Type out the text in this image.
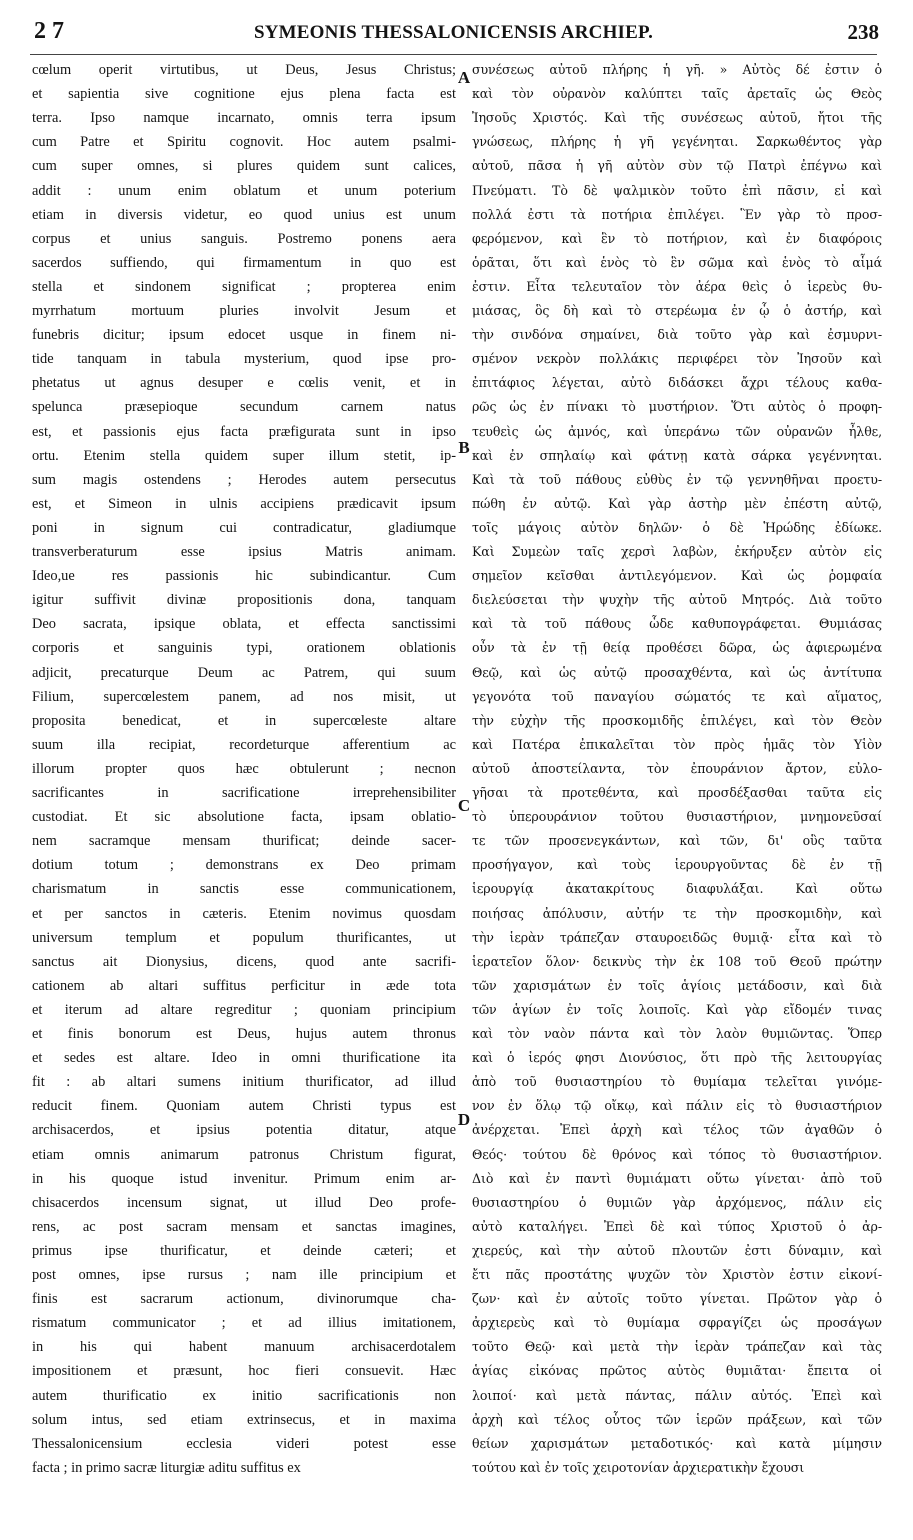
2 7	SYMEONIS THESSALONICENSIS ARCHIEP.	238
cœlum operit virtutibus, ut Deus, Jesus Christus;
et sapientia sive cognitione ejus plena facta est
terra. Ipso namque incarnato, omnis terra ipsum
cum Patre et Spiritu cognovit. Hoc autem psalmi-
cum super omnes, si plures quidem sunt calices,
addit : unum enim oblatum et unum poterium
etiam in diversis videtur, eo quod unius est unum
corpus et unius sanguis. Postremo ponens aera
sacerdos suffiendo, qui firmamentum in quo est
stella et sindonem significat ; propterea enim
myrrhatum mortuum pluries involvit Jesum et
funebris dicitur; ipsum edocet usque in finem ni-
tide tanquam in tabula mysterium, quod ipse pro-
phetatus ut agnus desuper e cœlis venit, et in
spelunca præsepioque secundum carnem natus
est, et passionis ejus facta præfigurata sunt in ipso
ortu. Etenim stella quidem super illum stetit, ip-
sum magis ostendens ; Herodes autem persecutus
est, et Simeon in ulnis accipiens prædicavit ipsum
poni in signum cui contradicatur, gladiumque
transverberaturum esse ipsius Matris animam.
Ideo,ue res passionis hic subindicantur. Cum
igitur suffivit divinæ propositionis dona, tanquam
Deo sacrata, ipsique oblata, et effecta sanctissimi
corporis et sanguinis typi, orationem oblationis
adjicit, precaturque Deum ac Patrem, qui suum
Filium, supercœlestem panem, ad nos misit, ut
proposita benedicat, et in supercœleste altare
suum illa recipiat, recordeturque afferentium ac
illorum propter quos hæc obtulerunt ; necnon
sacrificantes in sacrificatione irreprehensibiliter
custodiat. Et sic absolutione facta, ipsam oblatio-
nem sacramque mensam thurificat; deinde sacer-
dotium totum ; demonstrans ex Deo primam
charismatum in sanctis esse communicationem,
et per sanctos in cæteris. Etenim novimus quosdam
universum templum et populum thurificantes, ut
sanctus ait Dionysius, dicens, quod ante sacrifi-
cationem ab altari suffitus perficitur in æde tota
et iterum ad altare regreditur ; quoniam principium
et finis bonorum est Deus, hujus autem thronus
et sedes est altare. Ideo in omni thurificatione ita
fit : ab altari sumens initium thurificator, ad illud
reducit finem. Quoniam autem Christi typus est
archisacerdos, et ipsius potentia ditatur, atque
etiam omnis animarum patronus Christum figurat,
in his quoque istud invenitur. Primum enim ar-
chisacerdos incensum signat, ut illud Deo profe-
rens, ac post sacram mensam et sanctas imagines,
primus ipse thurificatur, et deinde cæteri; et
post omnes, ipse rursus ; nam ille principium et
finis est sacrarum actionum, divinorumque cha-
rismatum communicator ; et ad illius imitationem,
in his qui habent manuum archisacerdotalem
impositionem et præsunt, hoc fieri consuevit. Hæc
autem thurificatio ex initio sacrificationis non
solum intus, sed etiam extrinsecus, et in maxima
Thessalonicensium ecclesia videri potest esse
facta ; in primo sacræ liturgiæ aditu suffitus ex
συνέσεως αὐτοῦ πλήρης ἡ γῆ. » Αὐτὸς δέ ἐστιν ὁ
καὶ τὸν οὐρανὸν καλύπτει ταῖς ἀρεταῖς ὡς Θεὸς
Ἰησοῦς Χριστός. Καὶ τῆς συνέσεως αὐτοῦ, ἤτοι τῆς
γνώσεως, πλήρης ἡ γῆ γεγένηται. Σαρκωθέντος γὰρ
αὐτοῦ, πᾶσα ἡ γῆ αὐτὸν σὺν τῷ Πατρὶ ἐπέγνω καὶ
Πνεύματι. Τὸ δὲ ψαλμικὸν τοῦτο ἐπὶ πᾶσιν, εἰ καὶ
πολλά ἐστι τὰ ποτήρια ἐπιλέγει. Ἓν γὰρ τὸ προσ-
φερόμενον, καὶ ἓν τὸ ποτήριον, καὶ ἐν διαφόροις
ὁρᾶται, ὅτι καὶ ἑνὸς τὸ ἓν σῶμα καὶ ἑνὸς τὸ αἷμά
ἐστιν. Εἶτα τελευταῖον τὸν ἀέρα θεὶς ὁ ἱερεὺς θυ-
μιάσας, ὃς δὴ καὶ τὸ στερέωμα ἐν ᾧ ὁ ἀστήρ, καὶ
τὴν σινδόνα σημαίνει, διὰ τοῦτο γὰρ καὶ ἐσμυρνι-
σμένον νεκρὸν πολλάκις περιφέρει τὸν Ἰησοῦν καὶ
ἐπιτάφιος λέγεται, αὐτὸ διδάσκει ἄχρι τέλους καθα-
ρῶς ὡς ἐν πίνακι τὸ μυστήριον. Ὅτι αὐτὸς ὁ προφη-
τευθεὶς ὡς ἀμνός, καὶ ὑπεράνω τῶν οὐρανῶν ἦλθε,
καὶ ἐν σπηλαίῳ καὶ φάτνῃ κατὰ σάρκα γεγέννηται.
Καὶ τὰ τοῦ πάθους εὐθὺς ἐν τῷ γεννηθῆναι προετυ-
πώθη ἐν αὐτῷ. Καὶ γὰρ ἀστὴρ μὲν ἐπέστη αὐτῷ,
τοῖς μάγοις αὐτὸν δηλῶν· ὁ δὲ Ἡρώδης ἐδίωκε.
Καὶ Συμεὼν ταῖς χερσὶ λαβὼν, ἐκήρυξεν αὐτὸν εἰς
σημεῖον κεῖσθαι ἀντιλεγόμενον. Καὶ ὡς ῥομφαία
διελεύσεται τὴν ψυχὴν τῆς αὐτοῦ Μητρός. Διὰ τοῦτο
καὶ τὰ τοῦ πάθους ὧδε καθυπογράφεται. Θυμιάσας
οὖν τὰ ἐν τῇ θείᾳ προθέσει δῶρα, ὡς ἀφιερωμένα
Θεῷ, καὶ ὡς αὐτῷ προσαχθέντα, καὶ ὡς ἀντίτυπα
γεγονότα τοῦ παναγίου σώματός τε καὶ αἵματος,
τὴν εὐχὴν τῆς προσκομιδῆς ἐπιλέγει, καὶ τὸν Θεὸν
καὶ Πατέρα ἐπικαλεῖται τὸν πρὸς ἡμᾶς τὸν Υἱὸν
αὐτοῦ ἀποστείλαντα, τὸν ἐπουράνιον ἄρτον, εὐλο-
γῆσαι τὰ προτεθέντα, καὶ προσδέξασθαι ταῦτα εἰς
τὸ ὑπερουράνιον τοῦτου θυσιαστήριον, μνημονεῦσαί
τε τῶν προσενεγκάντων, καὶ τῶν, δι' οὓς ταῦτα
προσήγαγον, καὶ τοὺς ἱερουργοῦντας δὲ ἐν τῇ
ἱερουργίᾳ ἀκατακρίτους διαφυλάξαι. Καὶ οὕτω
ποιήσας ἀπόλυσιν, αὐτήν τε τὴν προσκομιδὴν, καὶ
τὴν ἱερὰν τράπεζαν σταυροειδῶς θυμιᾷ· εἶτα καὶ τὸ
ἱερατεῖον ὅλον· δεικνὺς τὴν ἐκ 108 τοῦ Θεοῦ πρώτην
τῶν χαρισμάτων ἐν τοῖς ἁγίοις μετάδοσιν, καὶ διὰ
τῶν ἁγίων ἐν τοῖς λοιποῖς. Καὶ γὰρ εἴδομέν τινας
καὶ τὸν ναὸν πάντα καὶ τὸν λαὸν θυμιῶντας. Ὅπερ
καὶ ὁ ἱερός φησι Διονύσιος, ὅτι πρὸ τῆς λειτουργίας
ἀπὸ τοῦ θυσιαστηρίου τὸ θυμίαμα τελεῖται γινόμε-
νον ἐν ὅλῳ τῷ οἴκῳ, καὶ πάλιν εἰς τὸ θυσιαστήριον
ἀνέρχεται. Ἐπεὶ ἀρχὴ καὶ τέλος τῶν ἀγαθῶν ὁ
Θεός· τούτου δὲ θρόνος καὶ τόπος τὸ θυσιαστήριον.
Διὸ καὶ ἐν παντὶ θυμιάματι οὕτω γίνεται· ἀπὸ τοῦ
θυσιαστηρίου ὁ θυμιῶν γὰρ ἀρχόμενος, πάλιν εἰς
αὐτὸ καταλήγει. Ἐπεὶ δὲ καὶ τύπος Χριστοῦ ὁ ἀρ-
χιερεύς, καὶ τὴν αὐτοῦ πλουτῶν ἐστι δύναμιν, καὶ
ἔτι πᾶς προστάτης ψυχῶν τὸν Χριστὸν ἐστιν εἰκονί-
ζων· καὶ ἐν αὐτοῖς τοῦτο γίνεται. Πρῶτον γὰρ ὁ
ἀρχιερεὺς καὶ τὸ θυμίαμα σφραγίζει ὡς προσάγων
τοῦτο Θεῷ· καὶ μετὰ τὴν ἱερὰν τράπεζαν καὶ τὰς
ἁγίας εἰκόνας πρῶτος αὐτὸς θυμιᾶται· ἔπειτα οἱ
λοιποί· καὶ μετὰ πάντας, πάλιν αὐτός. Ἐπεὶ καὶ
ἀρχὴ καὶ τέλος οὗτος τῶν ἱερῶν πράξεων, καὶ τῶν
θείων χαρισμάτων μεταδοτικός· καὶ κατὰ μίμησιν
τούτου καὶ ἐν τοῖς χειροτονίαν ἀρχιερατικὴν ἔχουσι
A
B
C
D
